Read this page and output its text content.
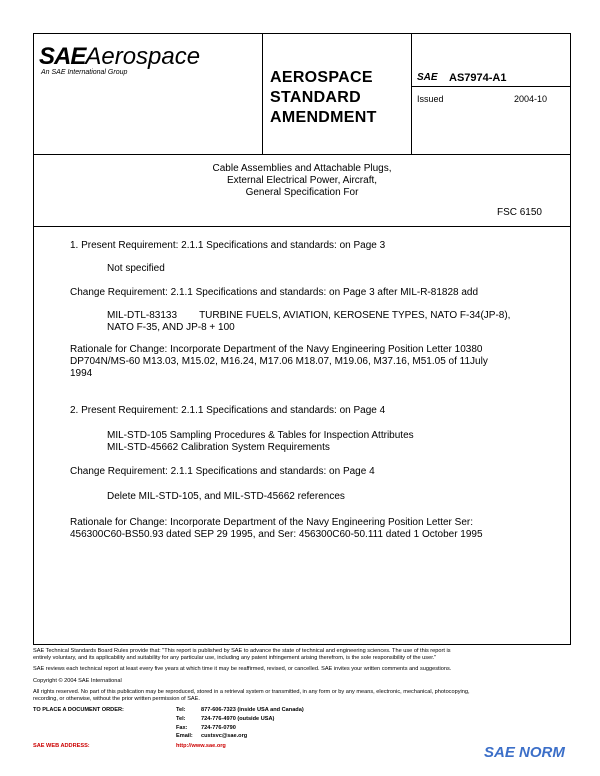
SAEAerospace
An SAE International Group	AEROSPACE
STANDARD
AMENDMENT
SAE AS7974-A1
Issued	2004-10
Cable Assemblies and Attachable Plugs,
External Electrical Power, Aircraft,
General Specification For
FSC 6150
1. Present Requirement: 2.1.1 Specifications and standards: on Page 3
Not specified
Change Requirement: 2.1.1 Specifications and standards: on Page 3 after MIL-R-81828 add
MIL-DTL-83133        TURBINE FUELS, AVIATION, KEROSENE TYPES, NATO F-34(JP-8),
NATO F-35, AND JP-8 + 100
Rationale for Change: Incorporate Department of the Navy Engineering Position Letter 10380
DP704N/MS-60 M13.03, M15.02, M16.24, M17.06 M18.07, M19.06, M37.16, M51.05 of 11July
1994
2. Present Requirement: 2.1.1 Specifications and standards: on Page 4
MIL-STD-105 Sampling Procedures & Tables for Inspection Attributes
MIL-STD-45662 Calibration System Requirements
Change Requirement: 2.1.1 Specifications and standards: on Page 4
Delete MIL-STD-105, and MIL-STD-45662 references
Rationale for Change: Incorporate Department of the Navy Engineering Position Letter Ser:
456300C60-BS50.93 dated SEP 29 1995, and Ser: 456300C60-50.111 dated 1 October 1995
SAE Technical Standards Board Rules provide that: "This report is published by SAE to advance the state of technical and engineering sciences. The use of this report is
entirely voluntary, and its applicability and suitability for any particular use, including any patent infringement arising therefrom, is the sole responsibility of the user."
SAE reviews each technical report at least every five years at which time it may be reaffirmed, revised, or cancelled. SAE invites your written comments and suggestions.
Copyright © 2004 SAE International
All rights reserved. No part of this publication may be reproduced, stored in a retrieval system or transmitted, in any form or by any means, electronic, mechanical, photocopying,
recording, or otherwise, without the prior written permission of SAE.
TO PLACE A DOCUMENT ORDER:	Tel:	877-606-7323 (inside USA and Canada)
Tel:	724-776-4970 (outside USA)
Fax: 724-776-0790
Email: custsvc@sae.org
SAE WEB ADDRESS:	http://www.sae.org	SAE NORM
